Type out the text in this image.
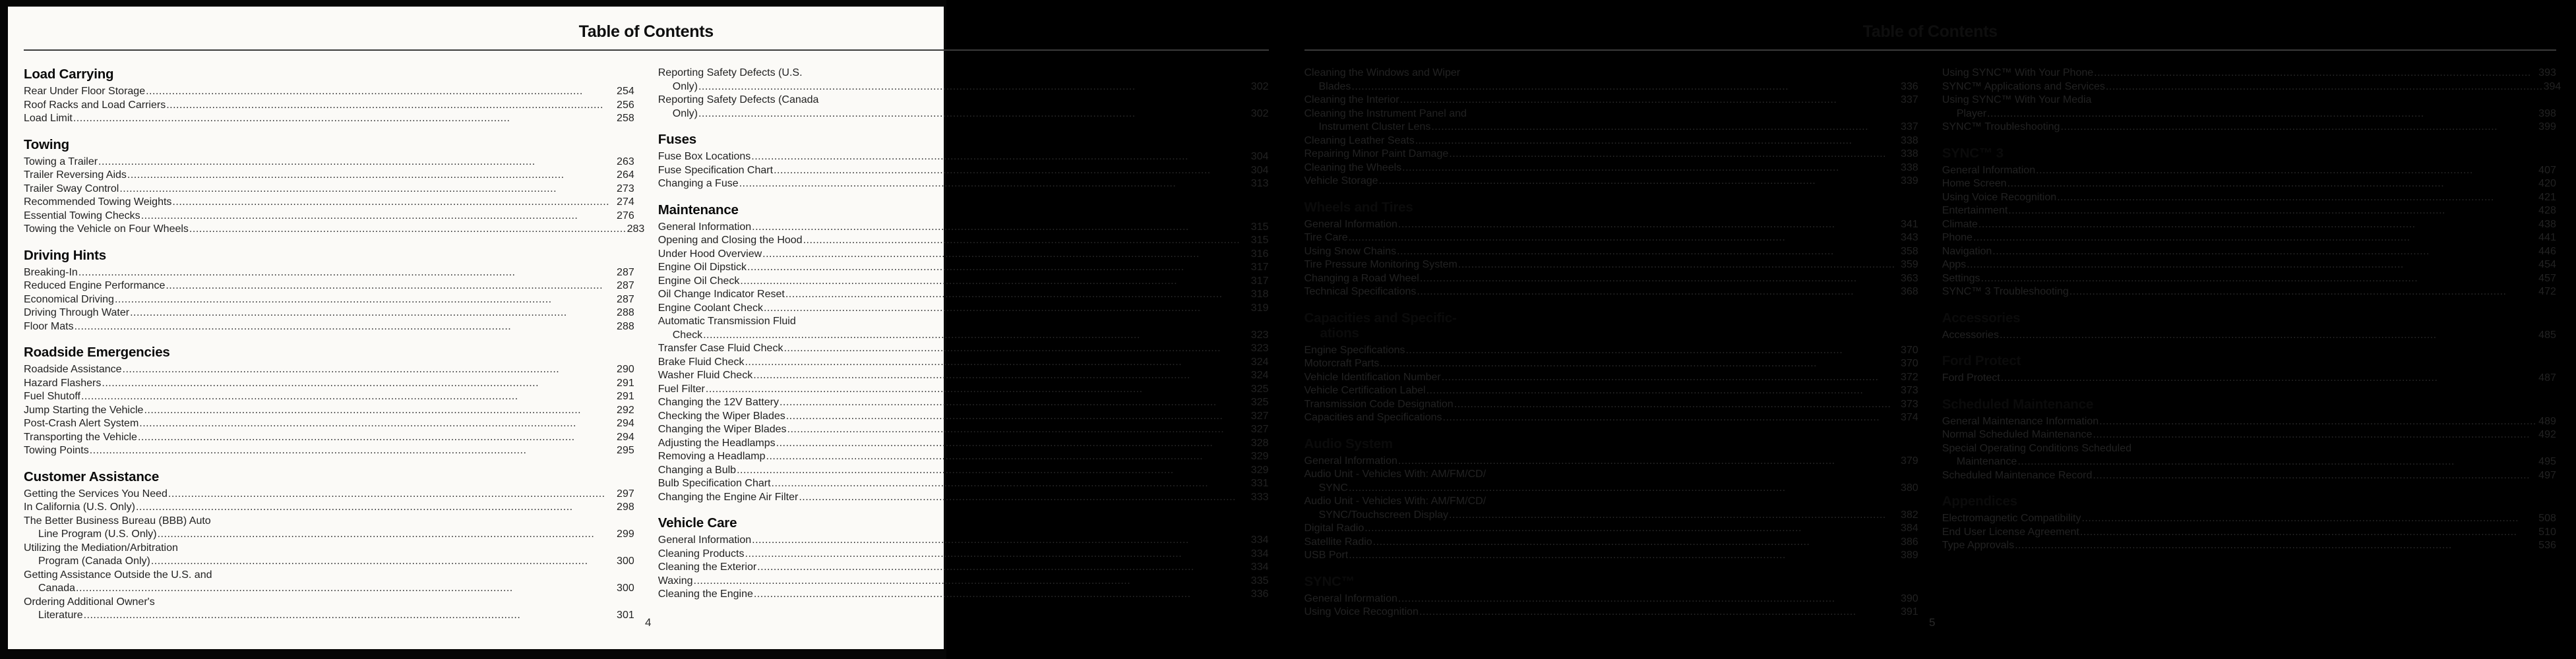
Table of Contents
Load Carrying
Rear Under Floor Storage .....	254
Roof Racks and Load Carriers .....	256
Load Limit .....	258
Towing
Towing a Trailer .....	263
Trailer Reversing Aids .....	264
Trailer Sway Control .....	273
Recommended Towing Weights .....	274
Essential Towing Checks .....	276
Towing the Vehicle on Four Wheels .....	283
Driving Hints
Breaking-In .....	287
Reduced Engine Performance .....	287
Economical Driving .....	287
Driving Through Water .....	288
Floor Mats .....	288
Roadside Emergencies
Roadside Assistance .....	290
Hazard Flashers .....	291
Fuel Shutoff .....	291
Jump Starting the Vehicle .....	292
Post-Crash Alert System .....	294
Transporting the Vehicle .....	294
Towing Points .....	295
Customer Assistance
Getting the Services You Need .....	297
In California (U.S. Only) .....	298
The Better Business Bureau (BBB) Auto
Line Program (U.S. Only) .....	299
Utilizing the Mediation/Arbitration
Program (Canada Only) .....	300
Getting Assistance Outside the U.S. and
Canada .....	300
Ordering Additional Owner's
Literature .....	301
Reporting Safety Defects (U.S.
Only) .....	302
Reporting Safety Defects (Canada
Only) .....	302
Fuses
Fuse Box Locations .....	304
Fuse Specification Chart .....	304
Changing a Fuse .....	313
Maintenance
General Information .....	315
Opening and Closing the Hood .....	315
Under Hood Overview .....	316
Engine Oil Dipstick .....	317
Engine Oil Check .....	317
Oil Change Indicator Reset .....	318
Engine Coolant Check .....	319
Automatic Transmission Fluid
Check .....	323
Transfer Case Fluid Check .....	323
Brake Fluid Check .....	324
Washer Fluid Check .....	324
Fuel Filter .....	325
Changing the 12V Battery .....	325
Checking the Wiper Blades .....	327
Changing the Wiper Blades .....	327
Adjusting the Headlamps .....	328
Removing a Headlamp .....	329
Changing a Bulb .....	329
Bulb Specification Chart .....	331
Changing the Engine Air Filter .....	333
Vehicle Care
General Information .....	334
Cleaning Products .....	334
Cleaning the Exterior .....	334
Waxing .....	335
Cleaning the Engine .....	336
4
Table of Contents
Cleaning the Windows and Wiper
Blades .....	336
Cleaning the Interior .....	337
Cleaning the Instrument Panel and
Instrument Cluster Lens .....	337
Cleaning Leather Seats .....	338
Repairing Minor Paint Damage .....	338
Cleaning the Wheels .....	338
Vehicle Storage .....	339
Wheels and Tires
General Information .....	341
Tire Care .....	343
Using Snow Chains .....	358
Tire Pressure Monitoring System .....	359
Changing a Road Wheel .....	363
Technical Specifications .....	368
Capacities and Specific-
ations
Engine Specifications .....	370
Motorcraft Parts .....	370
Vehicle Identification Number .....	372
Vehicle Certification Label .....	373
Transmission Code Designation .....	373
Capacities and Specifications .....	374
Audio System
General Information .....	379
Audio Unit - Vehicles With: AM/FM/CD/
SYNC .....	380
Audio Unit - Vehicles With: AM/FM/CD/
SYNC/Touchscreen Display .....	382
Digital Radio .....	384
Satellite Radio .....	386
USB Port .....	389
SYNC™
General Information .....	390
Using Voice Recognition .....	391
Using SYNC™ With Your Phone .....	393
SYNC™ Applications and Services .....	394
Using SYNC™ With Your Media
Player .....	398
SYNC™ Troubleshooting .....	399
SYNC™ 3
General Information .....	407
Home Screen .....	420
Using Voice Recognition .....	421
Entertainment .....	428
Climate .....	438
Phone .....	441
Navigation .....	446
Apps .....	454
Settings .....	457
SYNC™ 3 Troubleshooting .....	472
Accessories
Accessories .....	485
Ford Protect
Ford Protect .....	487
Scheduled Maintenance
General Maintenance Information .....	489
Normal Scheduled Maintenance .....	492
Special Operating Conditions Scheduled
Maintenance .....	495
Scheduled Maintenance Record .....	497
Appendices
Electromagnetic Compatibility .....	508
End User License Agreement .....	510
Type Approvals .....	536
5
